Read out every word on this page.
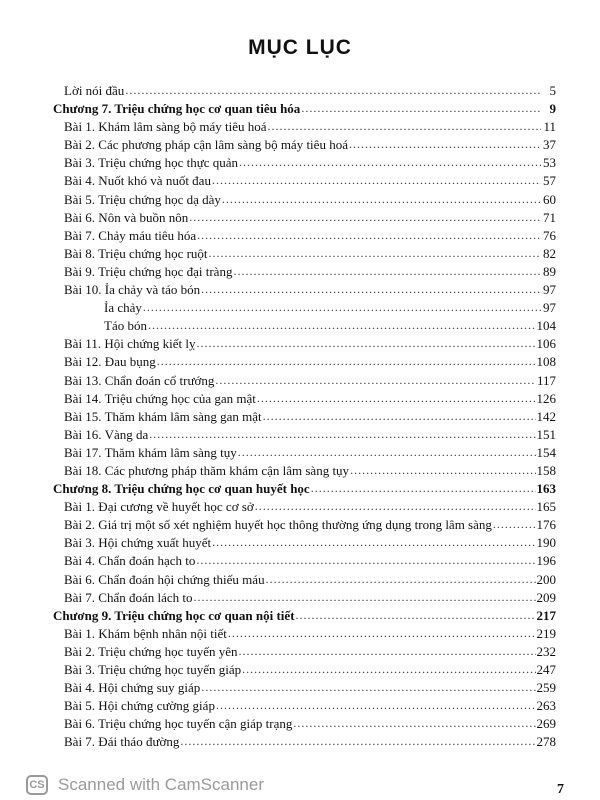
MỤC LỤC
Lời nói đầu .....	5
Chương 7. Triệu chứng học cơ quan tiêu hóa .....	9
Bài 1. Khám lâm sàng bộ máy tiêu hoá .....	11
Bài 2. Các phương pháp cận lâm sàng bộ máy tiêu hoá .....	37
Bài 3. Triệu chứng học thực quản .....	53
Bài 4. Nuốt khó và nuốt đau .....	57
Bài 5. Triệu chứng học dạ dày .....	60
Bài 6. Nôn và buồn nôn .....	71
Bài 7. Chảy máu tiêu hóa .....	76
Bài 8. Triệu chứng học ruột .....	82
Bài 9. Triệu chứng học đại tràng .....	89
Bài 10. Ỉa chảy và táo bón .....	97
Ỉa chảy .....	97
Táo bón .....	104
Bài 11. Hội chứng kiết lỵ .....	106
Bài 12. Đau bụng .....	108
Bài 13. Chẩn đoán cổ trướng .....	117
Bài 14. Triệu chứng học của gan mật .....	126
Bài 15. Thăm khám lâm sàng gan mật .....	142
Bài 16. Vàng da .....	151
Bài 17. Thăm khám lâm sàng tụy .....	154
Bài 18. Các phương pháp thăm khám cận lâm sàng tụy .....	158
Chương 8. Triệu chứng học cơ quan huyết học .....	163
Bài 1. Đại cương về huyết học cơ sở .....	165
Bài 2. Giá trị một số xét nghiệm huyết học thông thường ứng dụng trong lâm sàng .....	176
Bài 3. Hội chứng xuất huyết .....	190
Bài 4. Chẩn đoán hạch to .....	196
Bài 6. Chẩn đoán hội chứng thiếu máu .....	200
Bài 7. Chẩn đoán lách to .....	209
Chương 9. Triệu chứng học cơ quan nội tiết .....	217
Bài 1. Khám bệnh nhân nội tiết .....	219
Bài 2. Triệu chứng học tuyến yên .....	232
Bài 3. Triệu chứng học tuyến giáp .....	247
Bài 4. Hội chứng suy giáp .....	259
Bài 5. Hội chứng cường giáp .....	263
Bài 6. Triệu chứng học tuyến cận giáp trạng .....	269
Bài 7. Đái tháo đường .....	278
CS Scanned with CamScanner	7
